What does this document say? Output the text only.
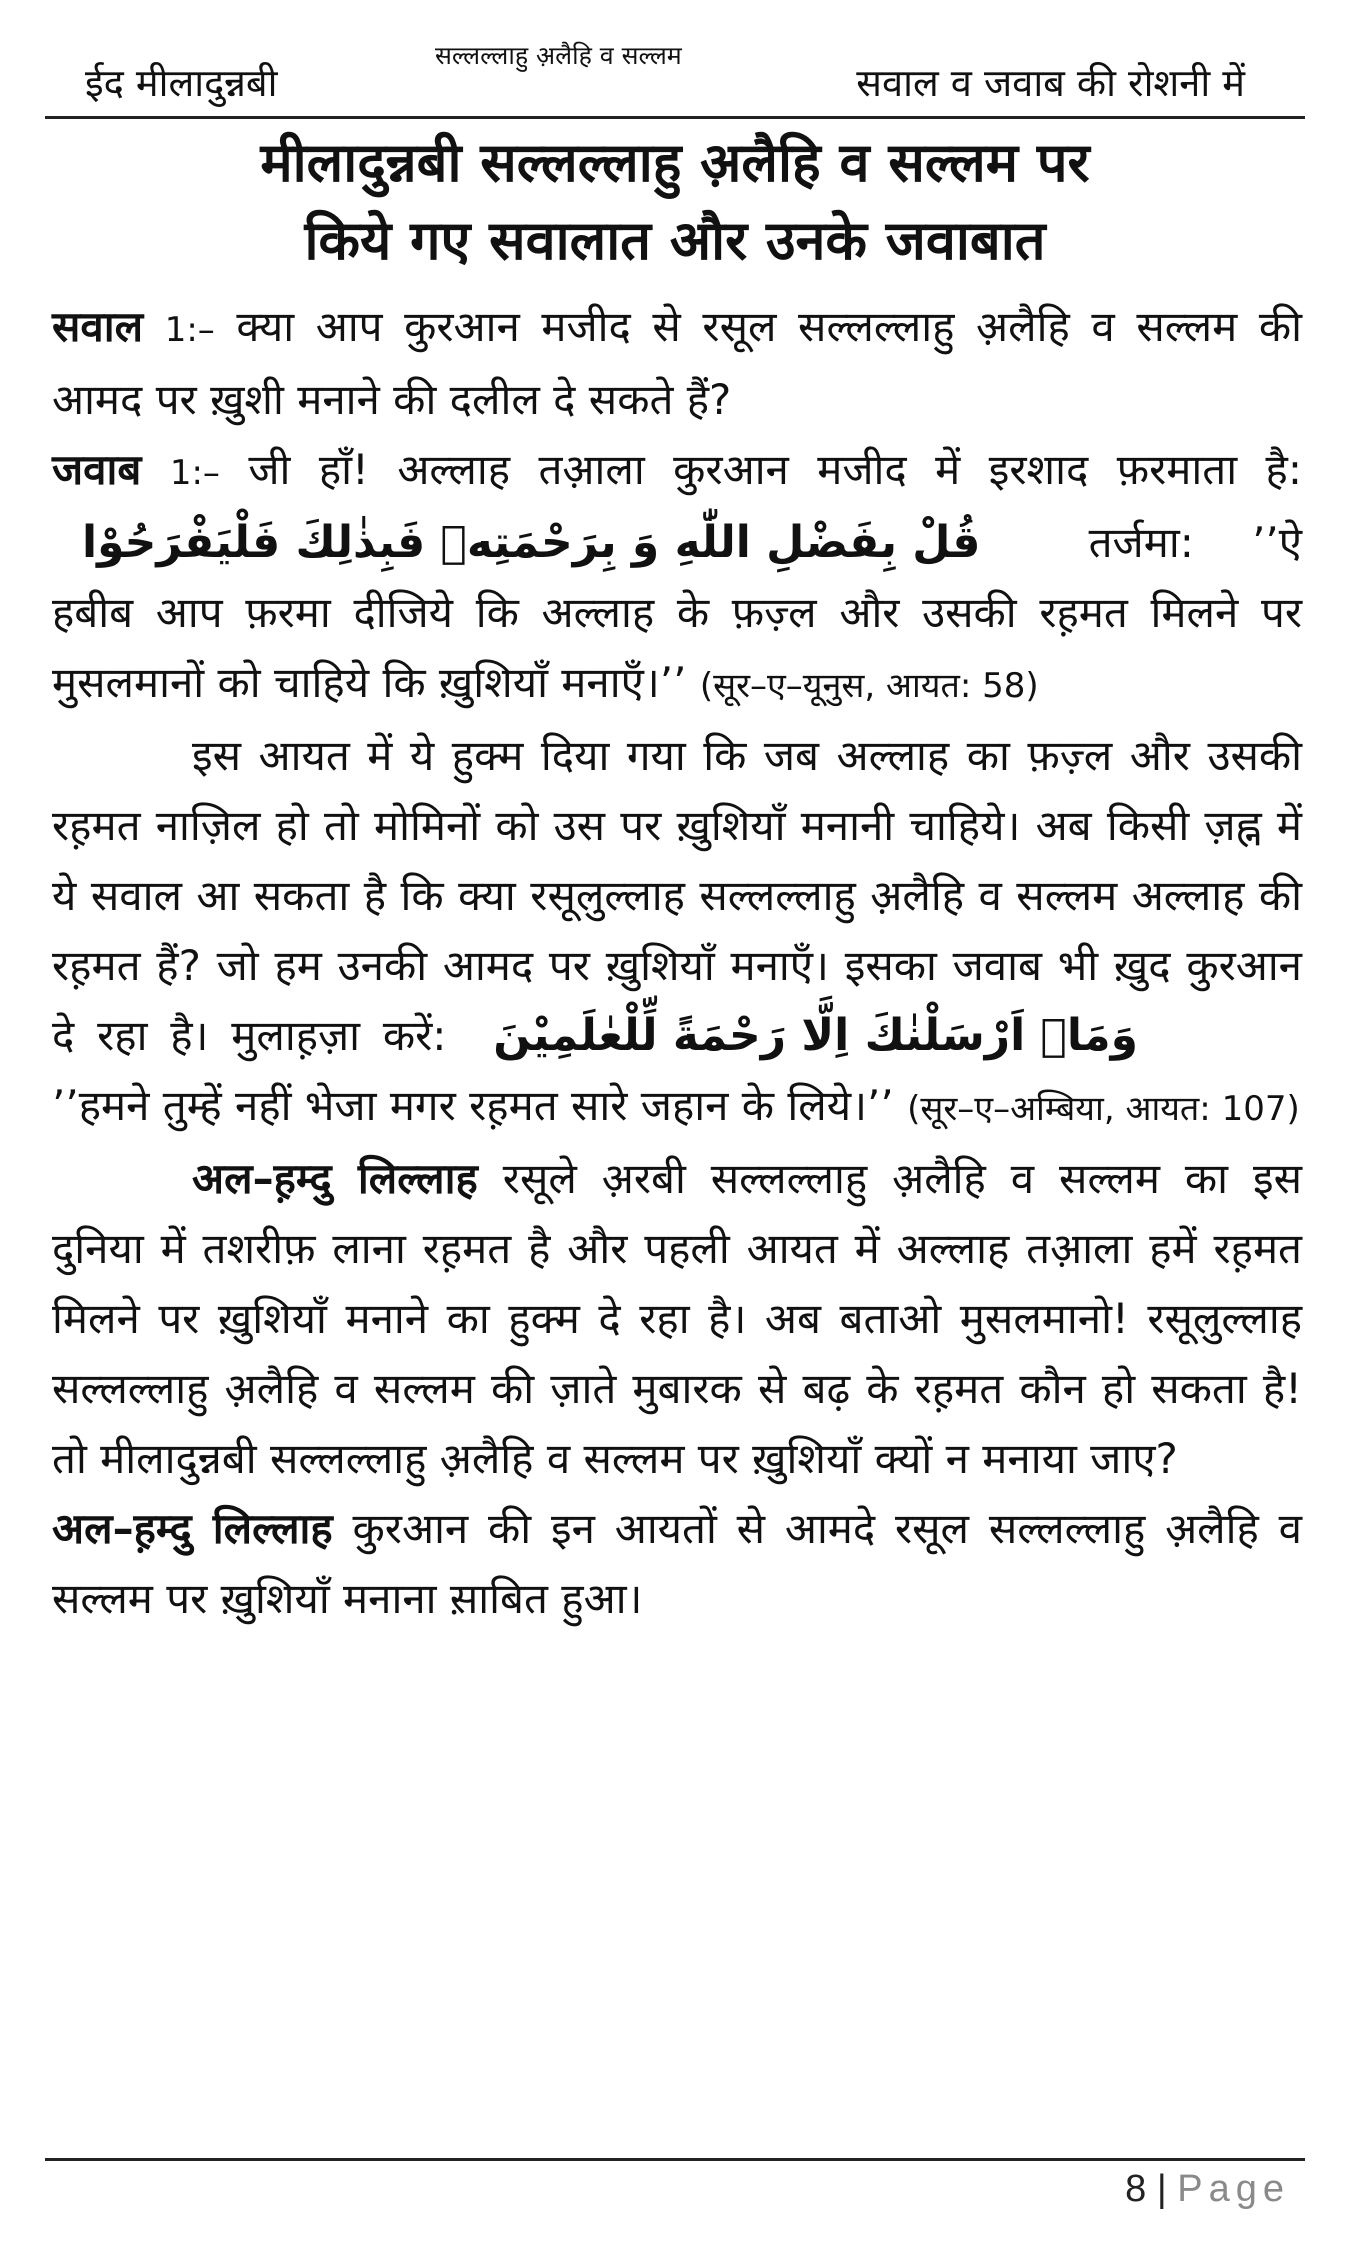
ईद मीलादुन्नबी
सल्लल्लाहु अ़लैहि व सल्लम
सवाल व जवाब की रोशनी में
मीलादुन्नबी सल्लल्लाहु अ़लैहि व सल्लम पर
किये गए सवालात और उनके जवाबात

सवाल 1:– क्या आप कुरआन मजीद से रसूल सल्लल्लाहु अ़लैहि व सल्लम की आमद पर ख़ुशी मनाने की दलील दे सकते हैं?

जवाब 1:– जी हाँ! अल्लाह तआ़ला कुरआन मजीद में इरशाद फ़रमाता है: قُلْ بِفَضْلِ اللّٰهِ وَ بِرَحْمَتِهٖ فَبِذٰلِكَ فَلْیَفْرَحُوْا	तर्जमा: ’’ऐ हबीब आप फ़रमा दीजिये कि अल्लाह के फ़ज़्ल और उसकी रह़मत मिलने पर मुसलमानों को चाहिये कि ख़ुशियाँ मनाएँ।’’ (सूर–ए–यूनुस, आयत: 58)

इस आयत में ये हुक्म दिया गया कि जब अल्लाह का फ़ज़्ल और उसकी रह़मत नाज़िल हो तो मोमिनों को उस पर ख़ुशियाँ मनानी चाहिये। अब किसी ज़ह्न में ये सवाल आ सकता है कि क्या रसूलुल्लाह सल्लल्लाहु अ़लैहि व सल्लम अल्लाह की रह़मत हैं? जो हम उनकी आमद पर ख़ुशियाँ मनाएँ। इसका जवाब भी ख़ुद कुरआन दे रहा है। मुलाह़ज़ा करें: وَمَاۤ اَرْسَلْنٰكَ اِلَّا رَحْمَةً لِّلْعٰلَمِیْنَ ’’हमने तुम्हें नहीं भेजा मगर रह़मत सारे जहान के लिये।’’ (सूर–ए–अम्बिया, आयत: 107)

अल–ह़म्दु लिल्लाह रसूले अ़रबी सल्लल्लाहु अ़लैहि व सल्लम का इस दुनिया में तशरीफ़ लाना रह़मत है और पहली आयत में अल्लाह तआ़ला हमें रह़मत मिलने पर ख़ुशियाँ मनाने का हुक्म दे रहा है। अब बताओ मुसलमानो! रसूलुल्लाह सल्लल्लाहु अ़लैहि व सल्लम की ज़ाते मुबारक से बढ़ के रह़मत कौन हो सकता है! तो मीलादुन्नबी सल्लल्लाहु अ़लैहि व सल्लम पर ख़ुशियाँ क्यों न मनाया जाए?

अल–ह़म्दु लिल्लाह कुरआन की इन आयतों से आमदे रसूल सल्लल्लाहु अ़लैहि व सल्लम पर ख़ुशियाँ मनाना स़ाबित हुआ।

8 | Page
